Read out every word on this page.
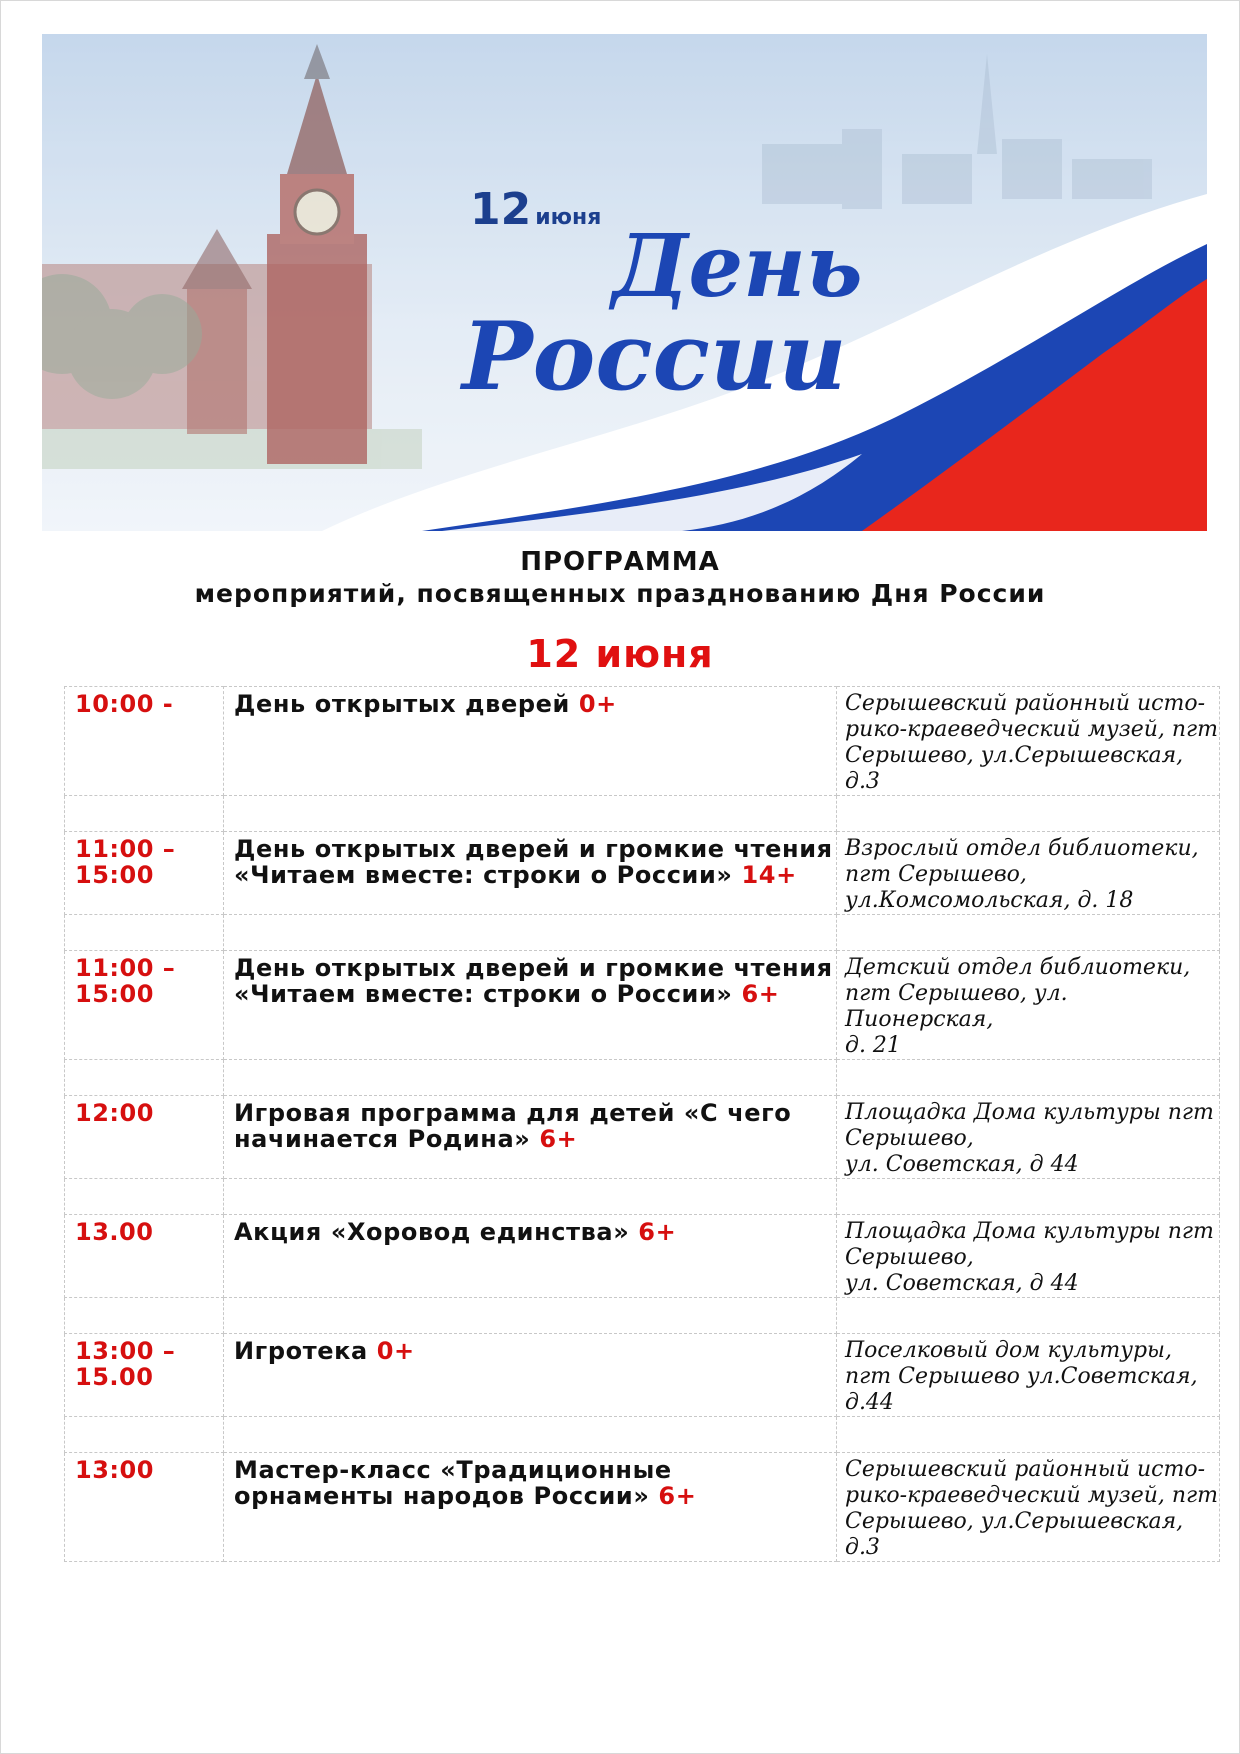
12 июня День
России
ПРОГРАММА
мероприятий, посвященных празднованию Дня России
12 июня
10:00 -	День открытых дверей 0+	Серышевский районный исто-
рико-краеведческий музей, пгт
Серышево, ул.Серышевская, д.3

11:00 –
15:00	День открытых дверей и громкие чтения «Читаем вместе: строки о России» 14+	Взрослый отдел библиотеки,
пгт Серышево,
ул.Комсомольская, д. 18

11:00 –
15:00	День открытых дверей и громкие чтения «Читаем вместе: строки о России» 6+	Детский отдел библиотеки,
пгт Серышево, ул. Пионерская,
д. 21

12:00	Игровая программа для детей «С чего начинается Родина» 6+	Площадка Дома культуры пгт
Серышево,
ул. Советская, д 44

13.00	Акция «Хоровод единства» 6+	Площадка Дома культуры пгт
Серышево,
ул. Советская, д 44

13:00 –
15.00	Игротека 0+	Поселковый дом культуры,
пгт Серышево ул.Советская,
д.44

13:00	Мастер-класс «Традиционные орнаменты народов России» 6+	Серышевский районный исто-
рико-краеведческий музей, пгт
Серышево, ул.Серышевская, д.3
